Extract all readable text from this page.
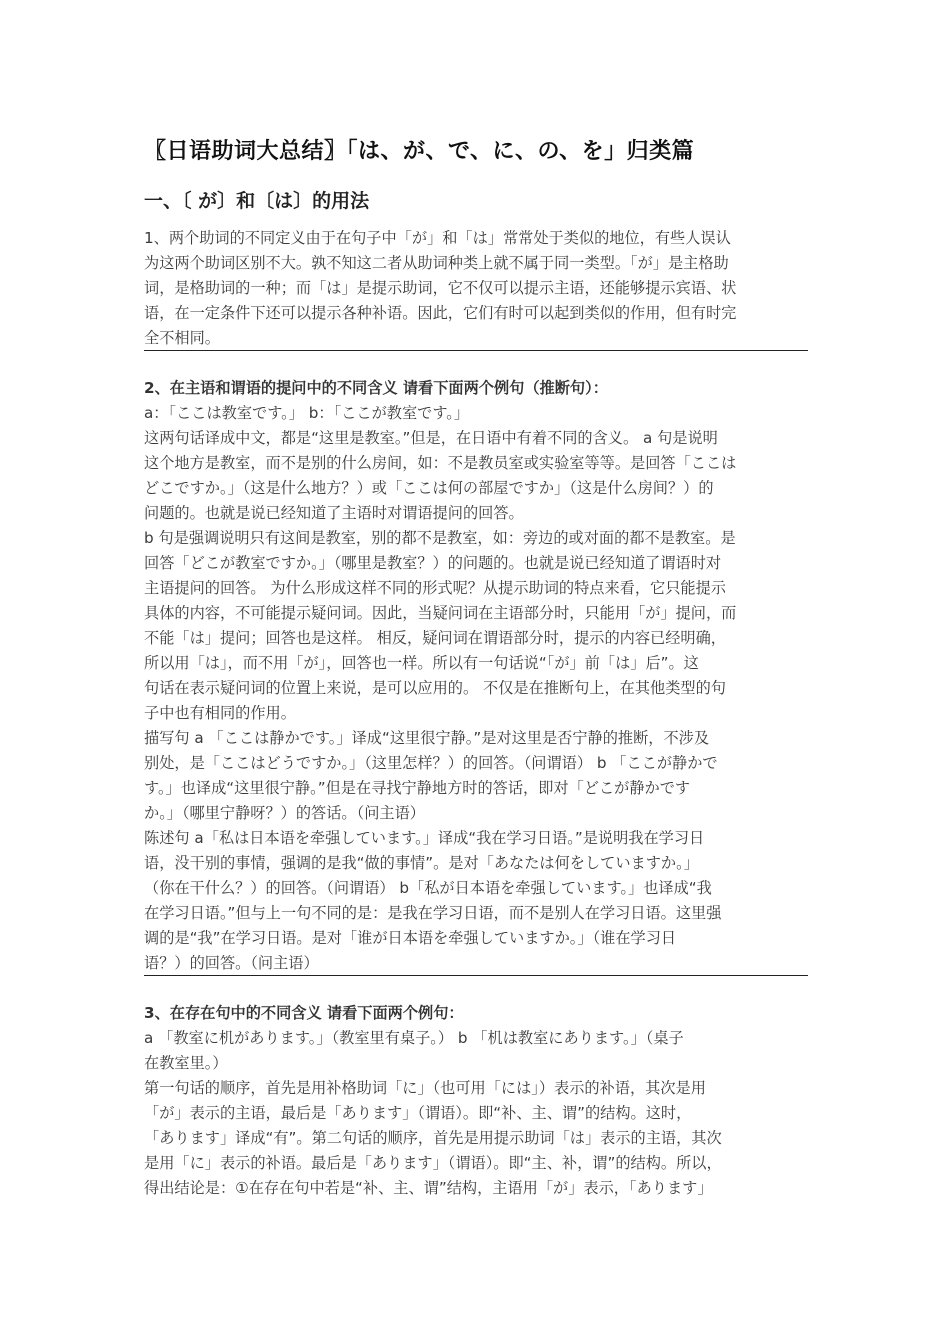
〖日语助词大总结〗「は、が、で、に、の、を」归类篇
一、〔 が〕和〔は〕的用法
1、两个助词的不同定义由于在句子中「が」和「は」常常处于类似的地位，有些人误认
为这两个助词区别不大。孰不知这二者从助词种类上就不属于同一类型。「が」是主格助
词，是格助词的一种；而「は」是提示助词，它不仅可以提示主语，还能够提示宾语、状
语，在一定条件下还可以提示各种补语。因此，它们有时可以起到类似的作用，但有时完
全不相同。
2、在主语和谓语的提问中的不同含义 请看下面两个例句（推断句）：
a：「ここは教室です。」 b：「ここが教室です。」
这两句话译成中文，都是“这里是教室。”但是，在日语中有着不同的含义。 a 句是说明
这个地方是教室，而不是别的什么房间，如：不是教员室或实验室等等。是回答「ここは
どこですか。」（这是什么地方？）或「ここは何の部屋ですか」（这是什么房间？）的
问题的。也就是说已经知道了主语时对谓语提问的回答。
b 句是强调说明只有这间是教室，别的都不是教室，如：旁边的或对面的都不是教室。是
回答「どこが教室ですか。」（哪里是教室？）的问题的。也就是说已经知道了谓语时对
主语提问的回答。 为什么形成这样不同的形式呢？从提示助词的特点来看，它只能提示
具体的内容，不可能提示疑问词。因此，当疑问词在主语部分时，只能用「が」提问，而
不能「は」提问；回答也是这样。 相反，疑问词在谓语部分时，提示的内容已经明确，
所以用「は」，而不用「が」，回答也一样。所以有一句话说“「が」前「は」后”。这
句话在表示疑问词的位置上来说，是可以应用的。 不仅是在推断句上，在其他类型的句
子中也有相同的作用。
描写句 a 「ここは静かです。」译成“这里很宁静。”是对这里是否宁静的推断，不涉及
别处，是「ここはどうですか。」（这里怎样？）的回答。（问谓语） b 「ここが静かで
す。」也译成“这里很宁静。”但是在寻找宁静地方时的答话，即对「どこが静かです
か。」（哪里宁静呀？）的答话。（问主语）
陈述句 a「私は日本语を牵强しています。」译成“我在学习日语。”是说明我在学习日
语，没干别的事情，强调的是我“做的事情”。是对「あなたは何をしていますか。」
（你在干什么？）的回答。（问谓语） b「私が日本语を牵强しています。」也译成“我
在学习日语。”但与上一句不同的是：是我在学习日语，而不是别人在学习日语。这里强
调的是“我”在学习日语。是对「谁が日本语を牵强していますか。」（谁在学习日
语？）的回答。（问主语）
3、在存在句中的不同含义 请看下面两个例句：
a 「教室に机があります。」（教室里有桌子。） b 「机は教室にあります。」（桌子
在教室里。）
第一句话的顺序，首先是用补格助词「に」（也可用「には」）表示的补语，其次是用
「が」表示的主语，最后是「あります」（谓语）。即“补、主、谓”的结构。这时，
「あります」译成“有”。第二句话的顺序，首先是用提示助词「は」表示的主语，其次
是用「に」表示的补语。最后是「あります」（谓语）。即“主、补，谓”的结构。所以，
得出结论是：①在存在句中若是“补、主、谓”结构，主语用「が」表示，「あります」
